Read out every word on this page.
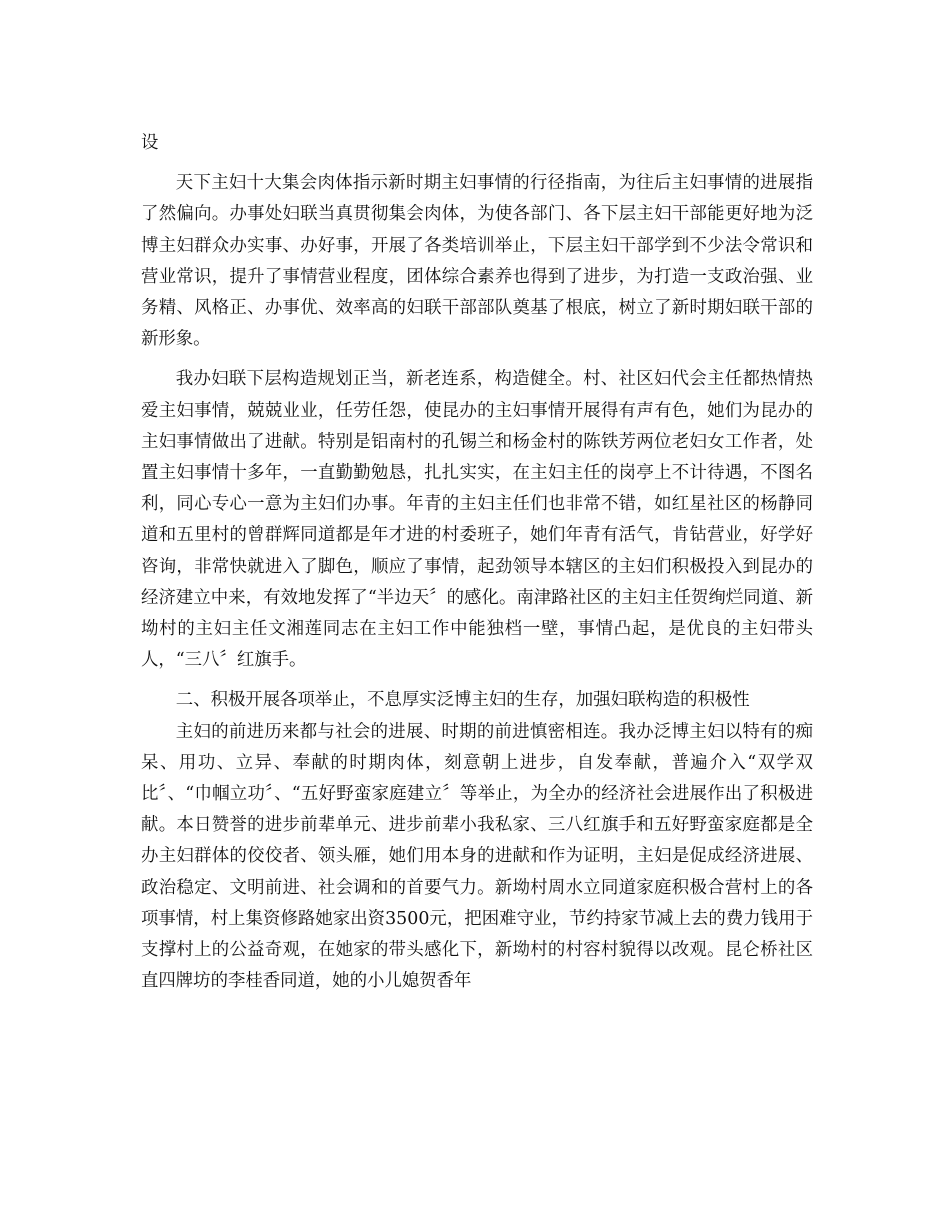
设

天下主妇十大集会肉体指示新时期主妇事情的行径指南，为往后主妇事情的进展指了然偏向。办事处妇联当真贯彻集会肉体，为使各部门、各下层主妇干部能更好地为泛博主妇群众办实事、办好事，开展了各类培训举止，下层主妇干部学到不少法令常识和营业常识，提升了事情营业程度，团体综合素养也得到了进步，为打造一支政治强、业务精、风格正、办事优、效率高的妇联干部部队奠基了根底，树立了新时期妇联干部的新形象。

我办妇联下层构造规划正当，新老连系，构造健全。村、社区妇代会主任都热情热爱主妇事情，兢兢业业，任劳任怨，使昆办的主妇事情开展得有声有色，她们为昆办的主妇事情做出了进献。特别是铝南村的孔锡兰和杨金村的陈铁芳两位老妇女工作者，处置主妇事情十多年，一直勤勤勉恳，扎扎实实，在主妇主任的岗亭上不计待遇，不图名利，同心专心一意为主妇们办事。年青的主妇主任们也非常不错，如红星社区的杨静同道和五里村的曾群辉同道都是年才进的村委班子，她们年青有活气，肯钻营业，好学好咨询，非常快就进入了脚色，顺应了事情，起劲领导本辖区的主妇们积极投入到昆办的经济建立中来，有效地发挥了“半边天〞的感化。南津路社区的主妇主任贺绚烂同道、新坳村的主妇主任文湘莲同志在主妇工作中能独档一壁，事情凸起，是优良的主妇带头人，“三八〞红旗手。

二、积极开展各项举止，不息厚实泛博主妇的生存，加强妇联构造的积极性

主妇的前进历来都与社会的进展、时期的前进慎密相连。我办泛博主妇以特有的痴呆、用功、立异、奉献的时期肉体，刻意朝上进步，自发奉献，普遍介入“双学双比〞、“巾帼立功〞、“五好野蛮家庭建立〞等举止，为全办的经济社会进展作出了积极进献。本日赞誉的进步前辈单元、进步前辈小我私家、三八红旗手和五好野蛮家庭都是全办主妇群体的佼佼者、领头雁，她们用本身的进献和作为证明，主妇是促成经济进展、政治稳定、文明前进、社会调和的首要气力。新坳村周水立同道家庭积极合营村上的各项事情，村上集资修路她家出资3500元，把困难守业，节约持家节减上去的费力钱用于支撑村上的公益奇观，在她家的带头感化下，新坳村的村容村貌得以改观。昆仑桥社区直四牌坊的李桂香同道，她的小儿媳贺香年
